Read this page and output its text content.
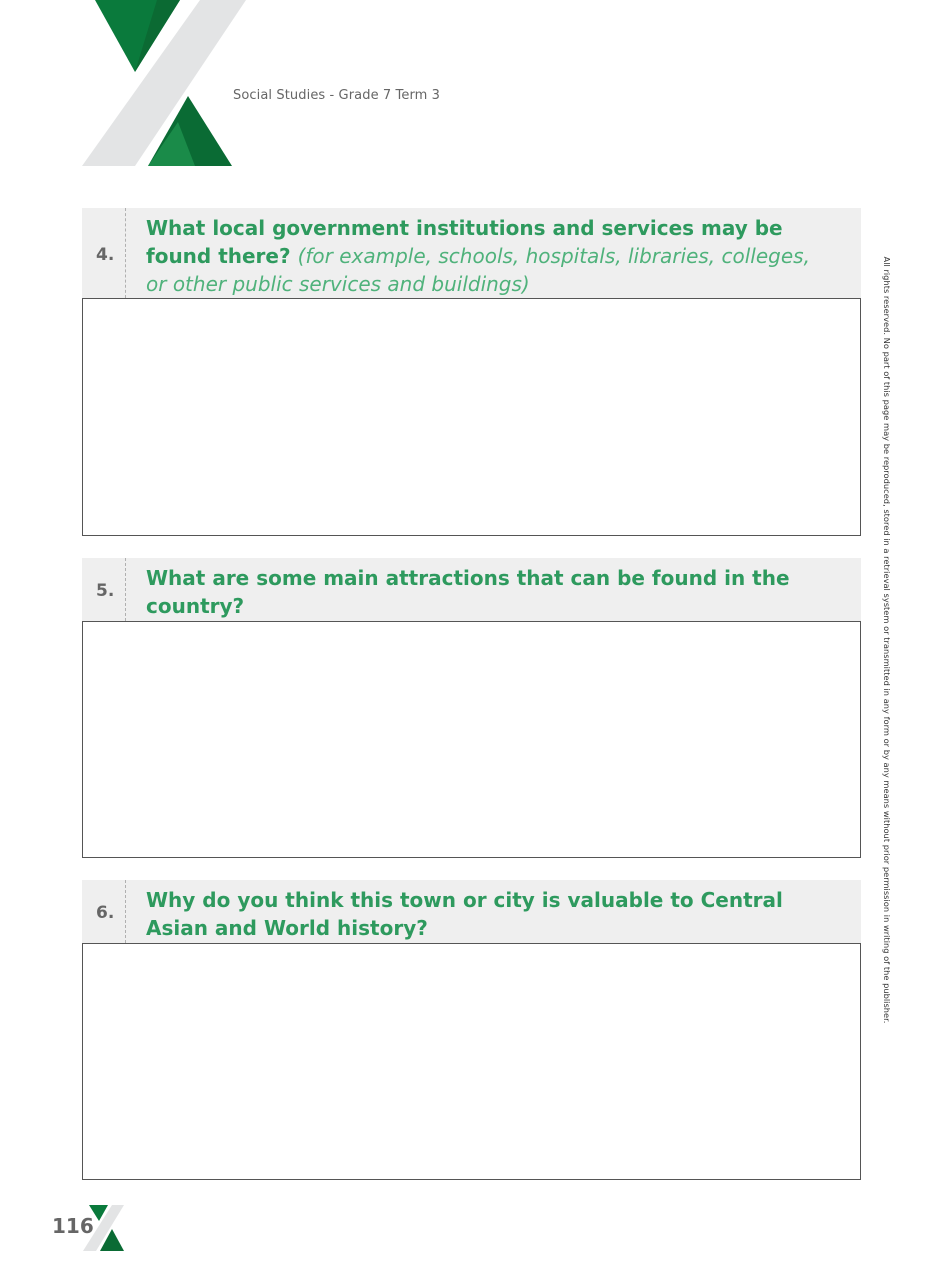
Social Studies - Grade 7 Term 3
4.
What local government institutions and services may be found there? (for example, schools, hospitals, libraries, colleges, or other public services and buildings)
5.
What are some main attractions that can be found in the country?
6.
Why do you think this town or city is valuable to Central Asian and World history?	All rights reserved. No part of this page may be reproduced, stored in a retrieval system or transmitted in any form or by any means without prior permission in writing of the publisher.
116
